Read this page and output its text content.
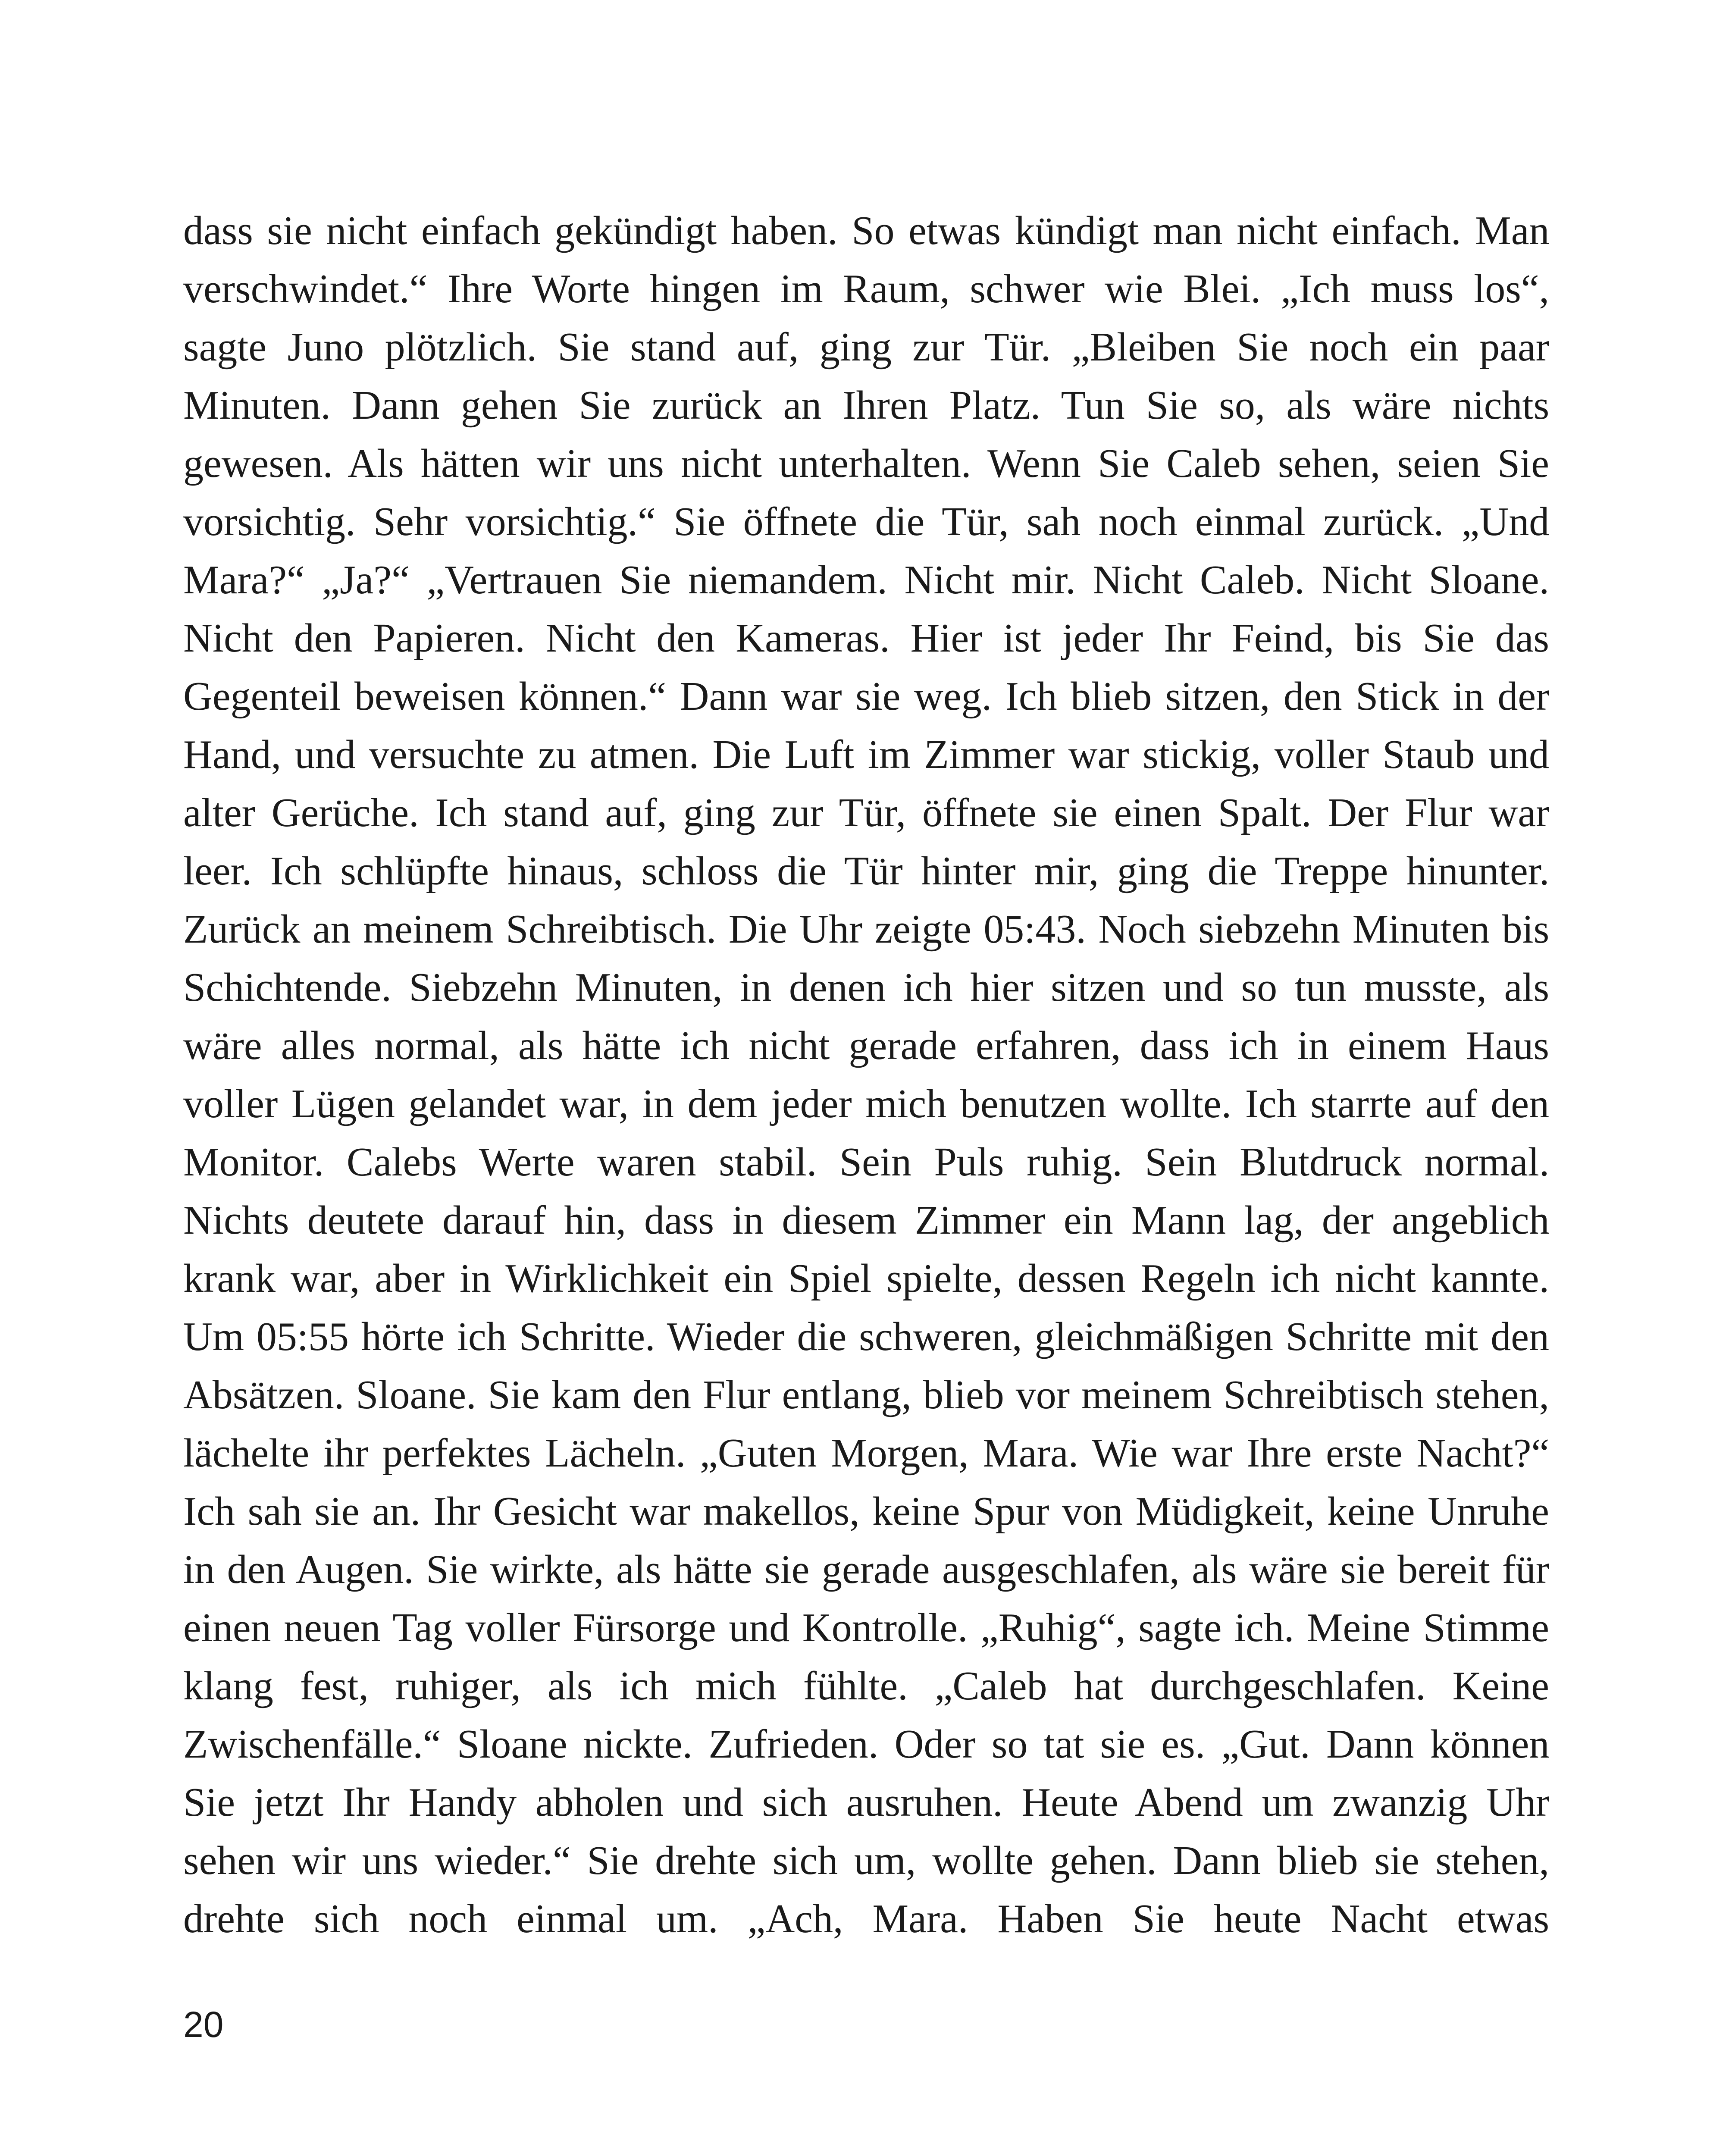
dass sie nicht einfach gekündigt haben. So etwas kündigt man nicht einfach. Man
verschwindet.“ Ihre Worte hingen im Raum, schwer wie Blei. „Ich muss los“,
sagte Juno plötzlich. Sie stand auf, ging zur Tür. „Bleiben Sie noch ein paar
Minuten. Dann gehen Sie zurück an Ihren Platz. Tun Sie so, als wäre nichts
gewesen. Als hätten wir uns nicht unterhalten. Wenn Sie Caleb sehen, seien Sie
vorsichtig. Sehr vorsichtig.“ Sie öffnete die Tür, sah noch einmal zurück. „Und
Mara?“ „Ja?“ „Vertrauen Sie niemandem. Nicht mir. Nicht Caleb. Nicht Sloane.
Nicht den Papieren. Nicht den Kameras. Hier ist jeder Ihr Feind, bis Sie das
Gegenteil beweisen können.“ Dann war sie weg. Ich blieb sitzen, den Stick in der
Hand, und versuchte zu atmen. Die Luft im Zimmer war stickig, voller Staub und
alter Gerüche. Ich stand auf, ging zur Tür, öffnete sie einen Spalt. Der Flur war
leer. Ich schlüpfte hinaus, schloss die Tür hinter mir, ging die Treppe hinunter.
Zurück an meinem Schreibtisch. Die Uhr zeigte 05:43. Noch siebzehn Minuten bis
Schichtende. Siebzehn Minuten, in denen ich hier sitzen und so tun musste, als
wäre alles normal, als hätte ich nicht gerade erfahren, dass ich in einem Haus
voller Lügen gelandet war, in dem jeder mich benutzen wollte. Ich starrte auf den
Monitor. Calebs Werte waren stabil. Sein Puls ruhig. Sein Blutdruck normal.
Nichts deutete darauf hin, dass in diesem Zimmer ein Mann lag, der angeblich
krank war, aber in Wirklichkeit ein Spiel spielte, dessen Regeln ich nicht kannte.
Um 05:55 hörte ich Schritte. Wieder die schweren, gleichmäßigen Schritte mit den
Absätzen. Sloane. Sie kam den Flur entlang, blieb vor meinem Schreibtisch stehen,
lächelte ihr perfektes Lächeln. „Guten Morgen, Mara. Wie war Ihre erste Nacht?“
Ich sah sie an. Ihr Gesicht war makellos, keine Spur von Müdigkeit, keine Unruhe
in den Augen. Sie wirkte, als hätte sie gerade ausgeschlafen, als wäre sie bereit für
einen neuen Tag voller Fürsorge und Kontrolle. „Ruhig“, sagte ich. Meine Stimme
klang fest, ruhiger, als ich mich fühlte. „Caleb hat durchgeschlafen. Keine
Zwischenfälle.“ Sloane nickte. Zufrieden. Oder so tat sie es. „Gut. Dann können
Sie jetzt Ihr Handy abholen und sich ausruhen. Heute Abend um zwanzig Uhr
sehen wir uns wieder.“ Sie drehte sich um, wollte gehen. Dann blieb sie stehen,
drehte sich noch einmal um. „Ach, Mara. Haben Sie heute Nacht etwas
20
